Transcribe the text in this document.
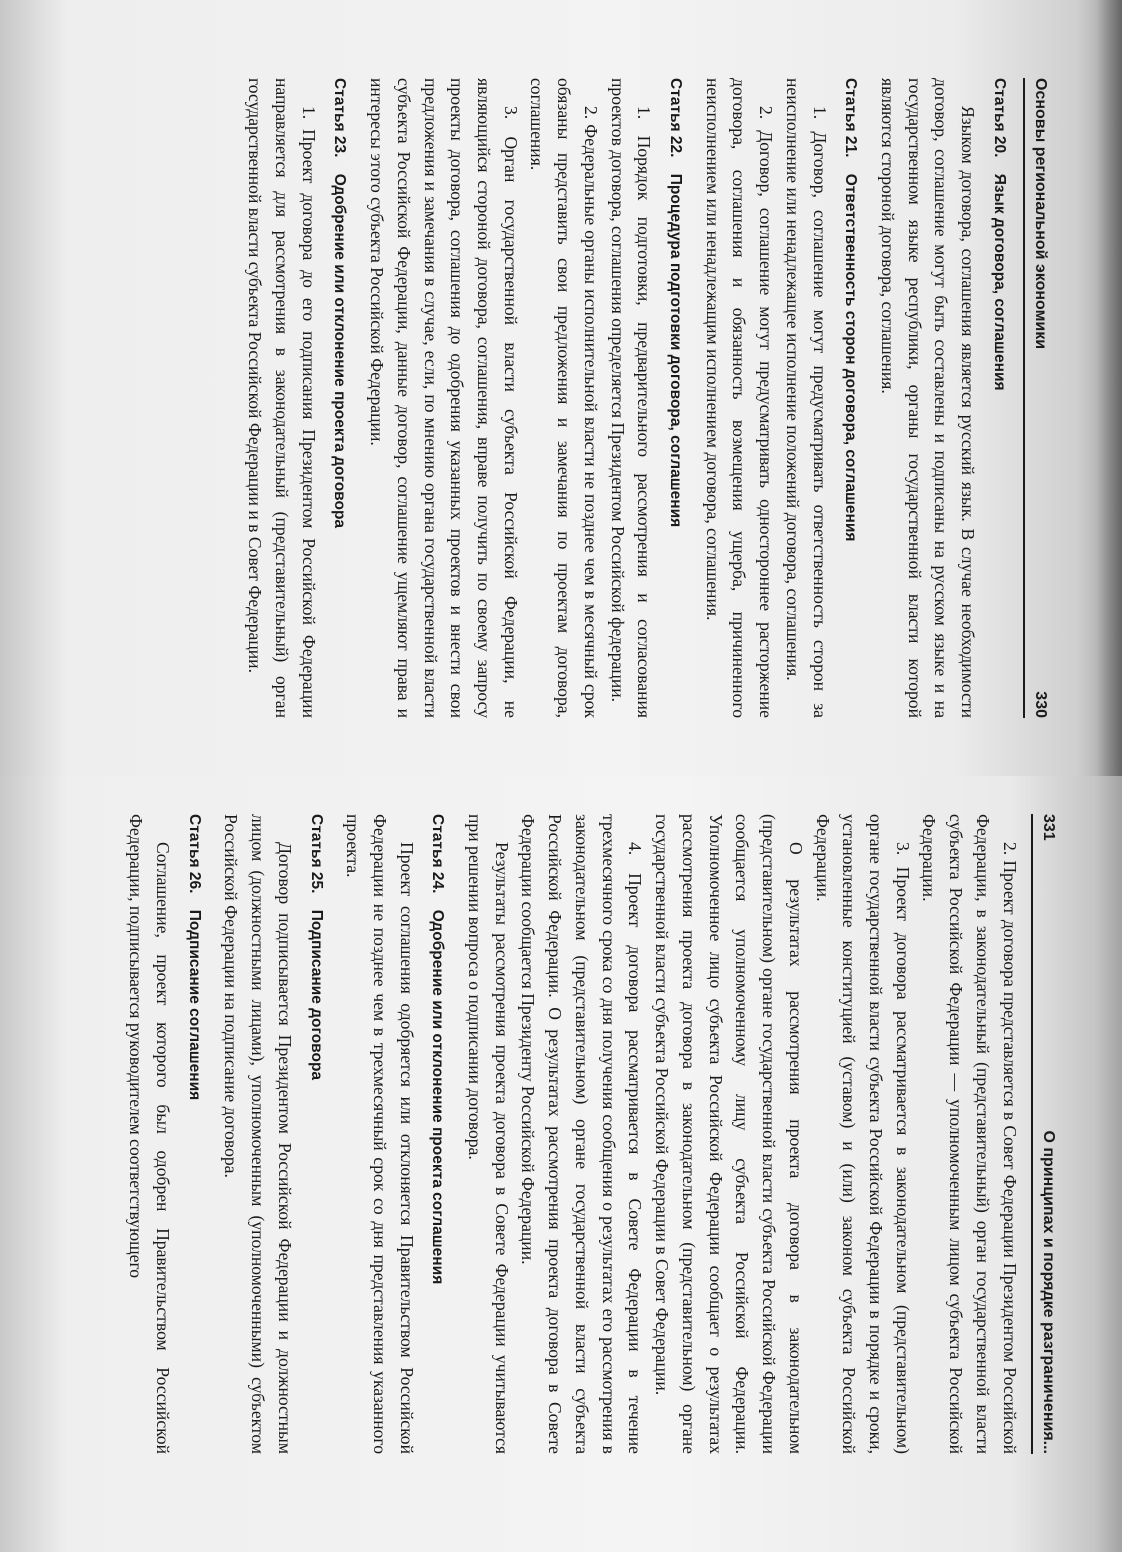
Основы региональной экономики
330
Статья 20. Язык договора, соглашения

Языком договора, соглашения является русский язык. В случае необходимости договор, соглашение могут быть составлены и подписаны на русском языке и на государственном языке республики, органы государственной власти которой являются стороной договора, соглашения.

Статья 21. Ответственность сторон договора, соглашения

1. Договор, соглашение могут предусматривать ответственность сторон за неисполнение или ненадлежащее исполнение положений договора, соглашения.

2. Договор, соглашение могут предусматривать одностороннее расторжение договора, соглашения и обязанность возмещения ущерба, причиненного неисполнением или ненадлежащим исполнением договора, соглашения.

Статья 22. Процедура подготовки договора, соглашения

1. Порядок подготовки, предварительного рассмотрения и согласования проектов договора, соглашения определяется Президентом Российской федерации.

2. Федеральные органы исполнительной власти не позднее чем в месячный срок обязаны представить свои предложения и замечания по проектам договора, соглашения.

3. Орган государственной власти субъекта Российской Федерации, не являющийся стороной договора, соглашения, вправе получить по своему запросу проекты договора, соглашения до одобрения указанных проектов и внести свои предложения и замечания в случае, если, по мнению органа государственной власти субъекта Российской Федерации, данные договор, соглашение ущемляют права и интересы этого субъекта Российской Федерации.

Статья 23. Одобрение или отклонение проекта договора

1. Проект договора до его подписания Президентом Российской Федерации направляется для рассмотрения в законодательный (представительный) орган государственной власти субъекта Российской Федерации и в Совет Федерации.

331
О принципах и порядке разграничения...

2. Проект договора представляется в Совет Федерации Президентом Российской Федерации, в законодательный (представительный) орган государственной власти субъекта Российской Федерации — уполномоченным лицом субъекта Российской Федерации.

3. Проект договора рассматривается в законодательном (представительном) органе государственной власти субъекта Российской Федерации в порядке и сроки, установленные конституцией (уставом) и (или) законом субъекта Российской Федерации.

О результатах рассмотрения проекта договора в законодательном (представительном) органе государственной власти субъекта Российской Федерации сообщается уполномоченному лицу субъекта Российской Федерации. Уполномоченное лицо субъекта Российской Федерации сообщает о результатах рассмотрения проекта договора в законодательном (представительном) органе государственной власти субъекта Российской Федерации в Совет Федерации.

4. Проект договора рассматривается в Совете Федерации в течение трехмесячного срока со дня получения сообщения о результатах его рассмотрения в законодательном (представительном) органе государственной власти субъекта Российской Федерации. О результатах рассмотрения проекта договора в Совете Федерации сообщается Президенту Российской Федерации.

Результаты рассмотрения проекта договора в Совете Федерации учитываются при решении вопроса о подписании договора.

Статья 24. Одобрение или отклонение проекта соглашения

Проект соглашения одобряется или отклоняется Правительством Российской Федерации не позднее чем в трехмесячный срок со дня представления указанного проекта.

Статья 25. Подписание договора

Договор подписывается Президентом Российской Федерации и должностным лицом (должностными лицами), уполномоченным (уполномоченными) субъектом Российской Федерации на подписание договора.

Статья 26. Подписание соглашения

Соглашение, проект которого был одобрен Правительством Российской Федерации, подписывается руководителем соответствующего
